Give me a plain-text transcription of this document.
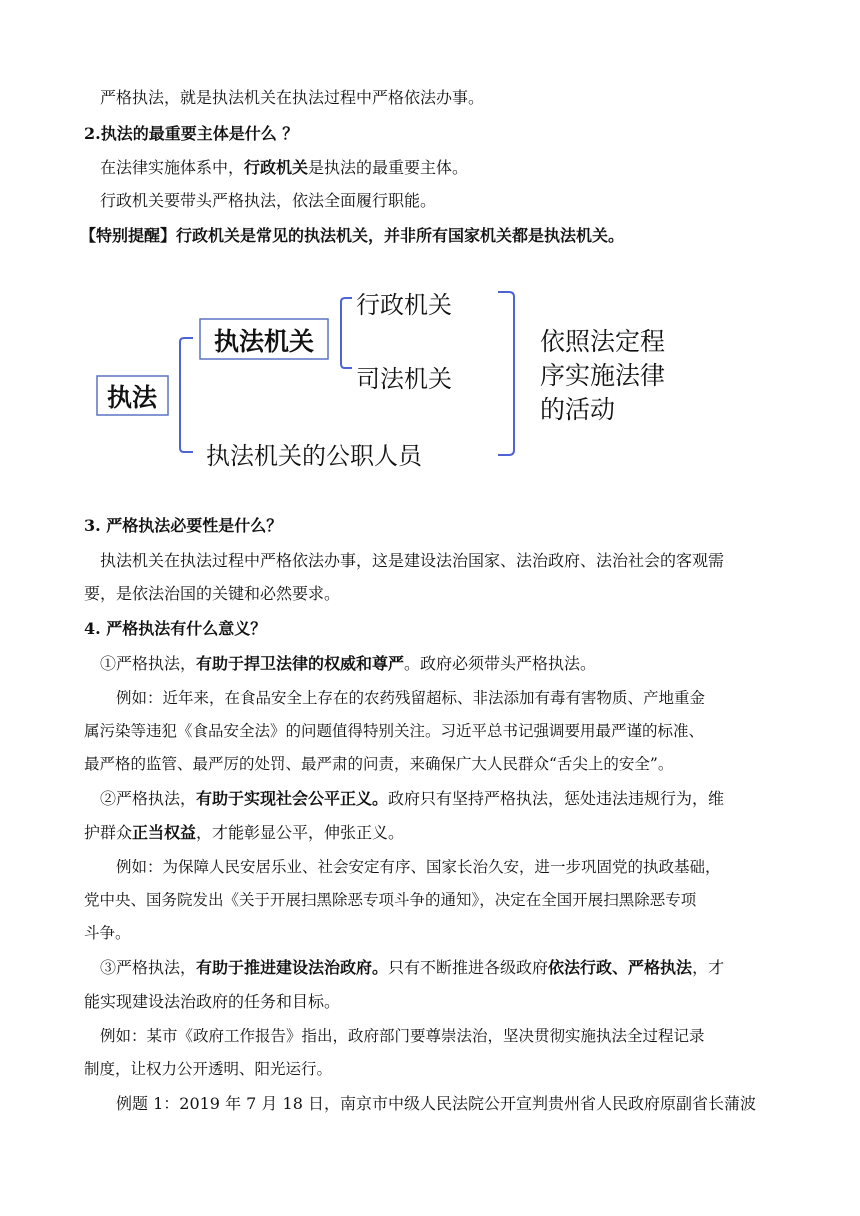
严格执法，就是执法机关在执法过程中严格依法办事。
2.执法的最重要主体是什么 ？
在法律实施体系中，行政机关是执法的最重要主体。
行政机关要带头严格执法，依法全面履行职能。
【特别提醒】行政机关是常见的执法机关，并非所有国家机关都是执法机关。
执法
执法机关
行政机关
司法机关
执法机关的公职人员
依照法定程
序实施法律
的活动
3. 严格执法必要性是什么？
执法机关在执法过程中严格依法办事，这是建设法治国家、法治政府、法治社会的客观需
要，是依法治国的关键和必然要求。
4. 严格执法有什么意义？
①严格执法，有助于捍卫法律的权威和尊严。政府必须带头严格执法。
例如：近年来，在食品安全上存在的农药残留超标、非法添加有毒有害物质、产地重金
属污染等违犯《食品安全法》的问题值得特别关注。习近平总书记强调要用最严谨的标准、
最严格的监管、最严厉的处罚、最严肃的问责，来确保广大人民群众“舌尖上的安全”。
②严格执法，有助于实现社会公平正义。政府只有坚持严格执法，惩处违法违规行为，维
护群众正当权益，才能彰显公平，伸张正义。
例如：为保障人民安居乐业、社会安定有序、国家长治久安，进一步巩固党的执政基础，
党中央、国务院发出《关于开展扫黑除恶专项斗争的通知》，决定在全国开展扫黑除恶专项
斗争。
③严格执法，有助于推进建设法治政府。只有不断推进各级政府依法行政、严格执法，才
能实现建设法治政府的任务和目标。
例如：某市《政府工作报告》指出，政府部门要尊崇法治，坚决贯彻实施执法全过程记录
制度，让权力公开透明、阳光运行。
例题 1：2019 年 7 月 18 日，南京市中级人民法院公开宣判贵州省人民政府原副省长蒲波
